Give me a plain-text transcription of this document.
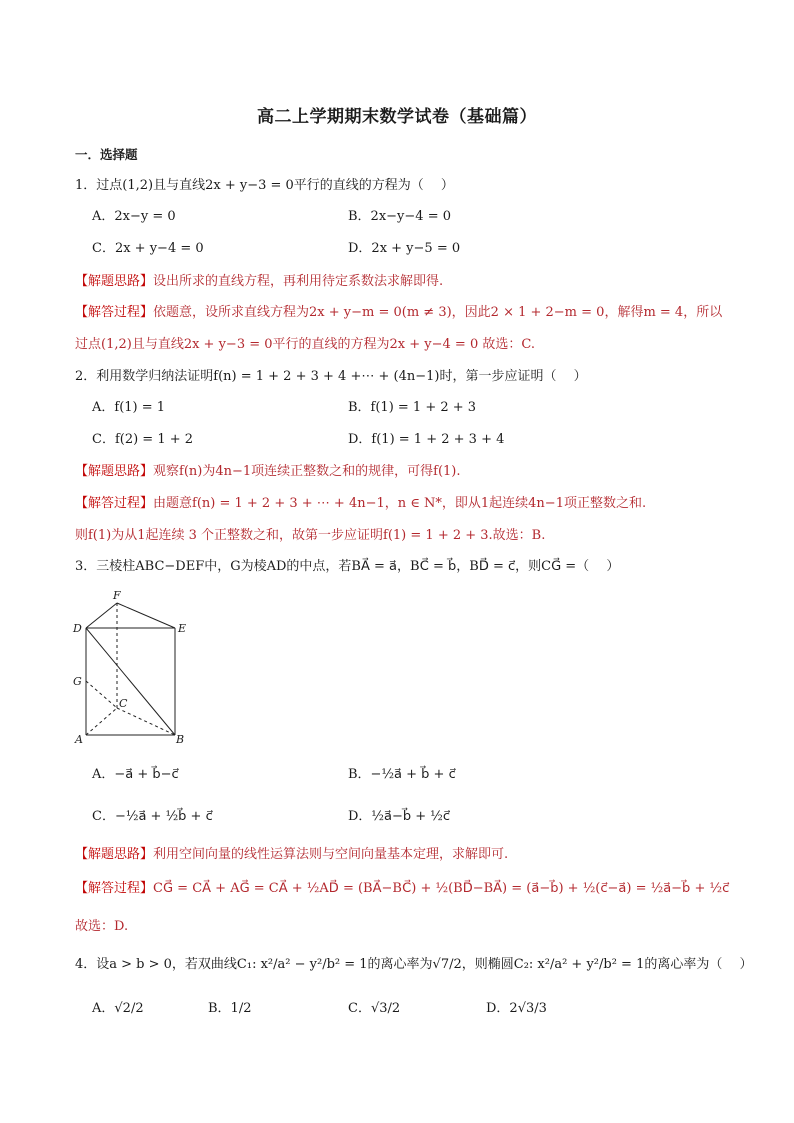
高二上学期期末数学试卷（基础篇）
一．选择题
1．过点(1,2)且与直线2x + y−3 = 0平行的直线的方程为（　 ）
A．2x−y = 0	B．2x−y−4 = 0
C．2x + y−4 = 0	D．2x + y−5 = 0
【解题思路】设出所求的直线方程，再利用待定系数法求解即得.
【解答过程】依题意，设所求直线方程为2x + y−m = 0(m ≠ 3)，因此2 × 1 + 2−m = 0，解得m = 4，所以
过点(1,2)且与直线2x + y−3 = 0平行的直线的方程为2x + y−4 = 0 故选：C.
2．利用数学归纳法证明f(n) = 1 + 2 + 3 + 4 +⋯ + (4n−1)时，第一步应证明（　 ）
A．f(1) = 1	B．f(1) = 1 + 2 + 3
C．f(2) = 1 + 2	D．f(1) = 1 + 2 + 3 + 4
【解题思路】观察f(n)为4n−1项连续正整数之和的规律，可得f(1).
【解答过程】由题意f(n) = 1 + 2 + 3 + ⋯ + 4n−1，n ∈ N*，即从1起连续4n−1项正整数之和.
则f(1)为从1起连续 3 个正整数之和，故第一步应证明f(1) = 1 + 2 + 3.故选：B.
3．三棱柱ABC−DEF中，G为棱AD的中点，若BA⃗ = a⃗，BC⃗ = b⃗，BD⃗ = c⃗，则CG⃗ =（　 ）
F
D	E
G
C
A	B
A．−a⃗ + b⃗−c⃗	B．−½a⃗ + b⃗ + c⃗
C．−½a⃗ + ½b⃗ + c⃗	D．½a⃗−b⃗ + ½c⃗
【解题思路】利用空间向量的线性运算法则与空间向量基本定理，求解即可.
【解答过程】CG⃗ = CA⃗ + AG⃗ = CA⃗ + ½AD⃗ = (BA⃗−BC⃗) + ½(BD⃗−BA⃗) = (a⃗−b⃗) + ½(c⃗−a⃗) = ½a⃗−b⃗ + ½c⃗
故选：D.
4．设a > b > 0，若双曲线C₁: x²/a² − y²/b² = 1的离心率为√7/2，则椭圆C₂: x²/a² + y²/b² = 1的离心率为（　 ）
A．√2/2	B．1/2	C．√3/2	D．2√3/3
